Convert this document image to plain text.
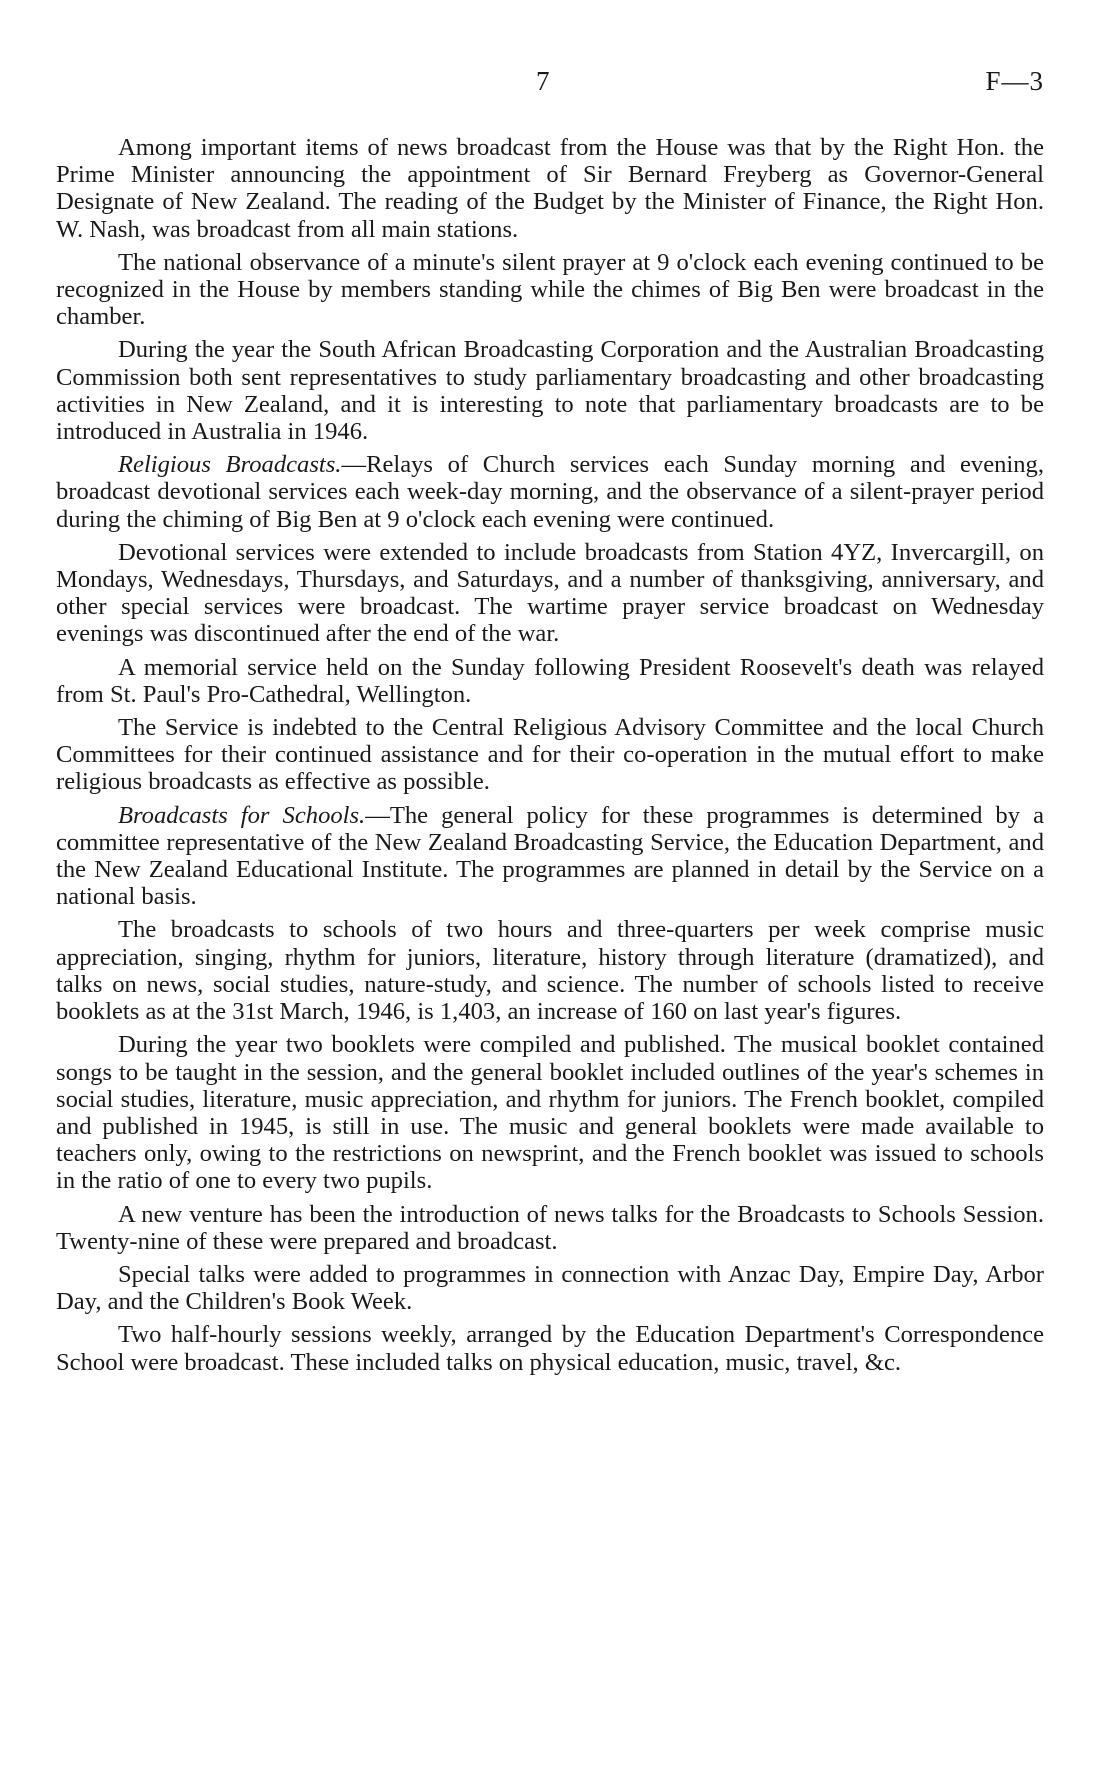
7	F—3

Among important items of news broadcast from the House was that by the Right Hon. the Prime Minister announcing the appointment of Sir Bernard Freyberg as Governor-General Designate of New Zealand. The reading of the Budget by the Minister of Finance, the Right Hon. W. Nash, was broadcast from all main stations.

The national observance of a minute's silent prayer at 9 o'clock each evening continued to be recognized in the House by members standing while the chimes of Big Ben were broadcast in the chamber.

During the year the South African Broadcasting Corporation and the Australian Broadcasting Commission both sent representatives to study parliamentary broadcasting and other broadcasting activities in New Zealand, and it is interesting to note that parliamentary broadcasts are to be introduced in Australia in 1946.

Religious Broadcasts.—Relays of Church services each Sunday morning and evening, broadcast devotional services each week-day morning, and the observance of a silent-prayer period during the chiming of Big Ben at 9 o'clock each evening were continued.

Devotional services were extended to include broadcasts from Station 4YZ, Invercargill, on Mondays, Wednesdays, Thursdays, and Saturdays, and a number of thanksgiving, anniversary, and other special services were broadcast. The wartime prayer service broadcast on Wednesday evenings was discontinued after the end of the war.

A memorial service held on the Sunday following President Roosevelt's death was relayed from St. Paul's Pro-Cathedral, Wellington.

The Service is indebted to the Central Religious Advisory Committee and the local Church Committees for their continued assistance and for their co-operation in the mutual effort to make religious broadcasts as effective as possible.

Broadcasts for Schools.—The general policy for these programmes is determined by a committee representative of the New Zealand Broadcasting Service, the Education Department, and the New Zealand Educational Institute. The programmes are planned in detail by the Service on a national basis.

The broadcasts to schools of two hours and three-quarters per week comprise music appreciation, singing, rhythm for juniors, literature, history through literature (dramatized), and talks on news, social studies, nature-study, and science. The number of schools listed to receive booklets as at the 31st March, 1946, is 1,403, an increase of 160 on last year's figures.

During the year two booklets were compiled and published. The musical booklet contained songs to be taught in the session, and the general booklet included outlines of the year's schemes in social studies, literature, music appreciation, and rhythm for juniors. The French booklet, compiled and published in 1945, is still in use. The music and general booklets were made available to teachers only, owing to the restrictions on newsprint, and the French booklet was issued to schools in the ratio of one to every two pupils.

A new venture has been the introduction of news talks for the Broadcasts to Schools Session. Twenty-nine of these were prepared and broadcast.

Special talks were added to programmes in connection with Anzac Day, Empire Day, Arbor Day, and the Children's Book Week.

Two half-hourly sessions weekly, arranged by the Education Department's Correspondence School were broadcast. These included talks on physical education, music, travel, &c.
